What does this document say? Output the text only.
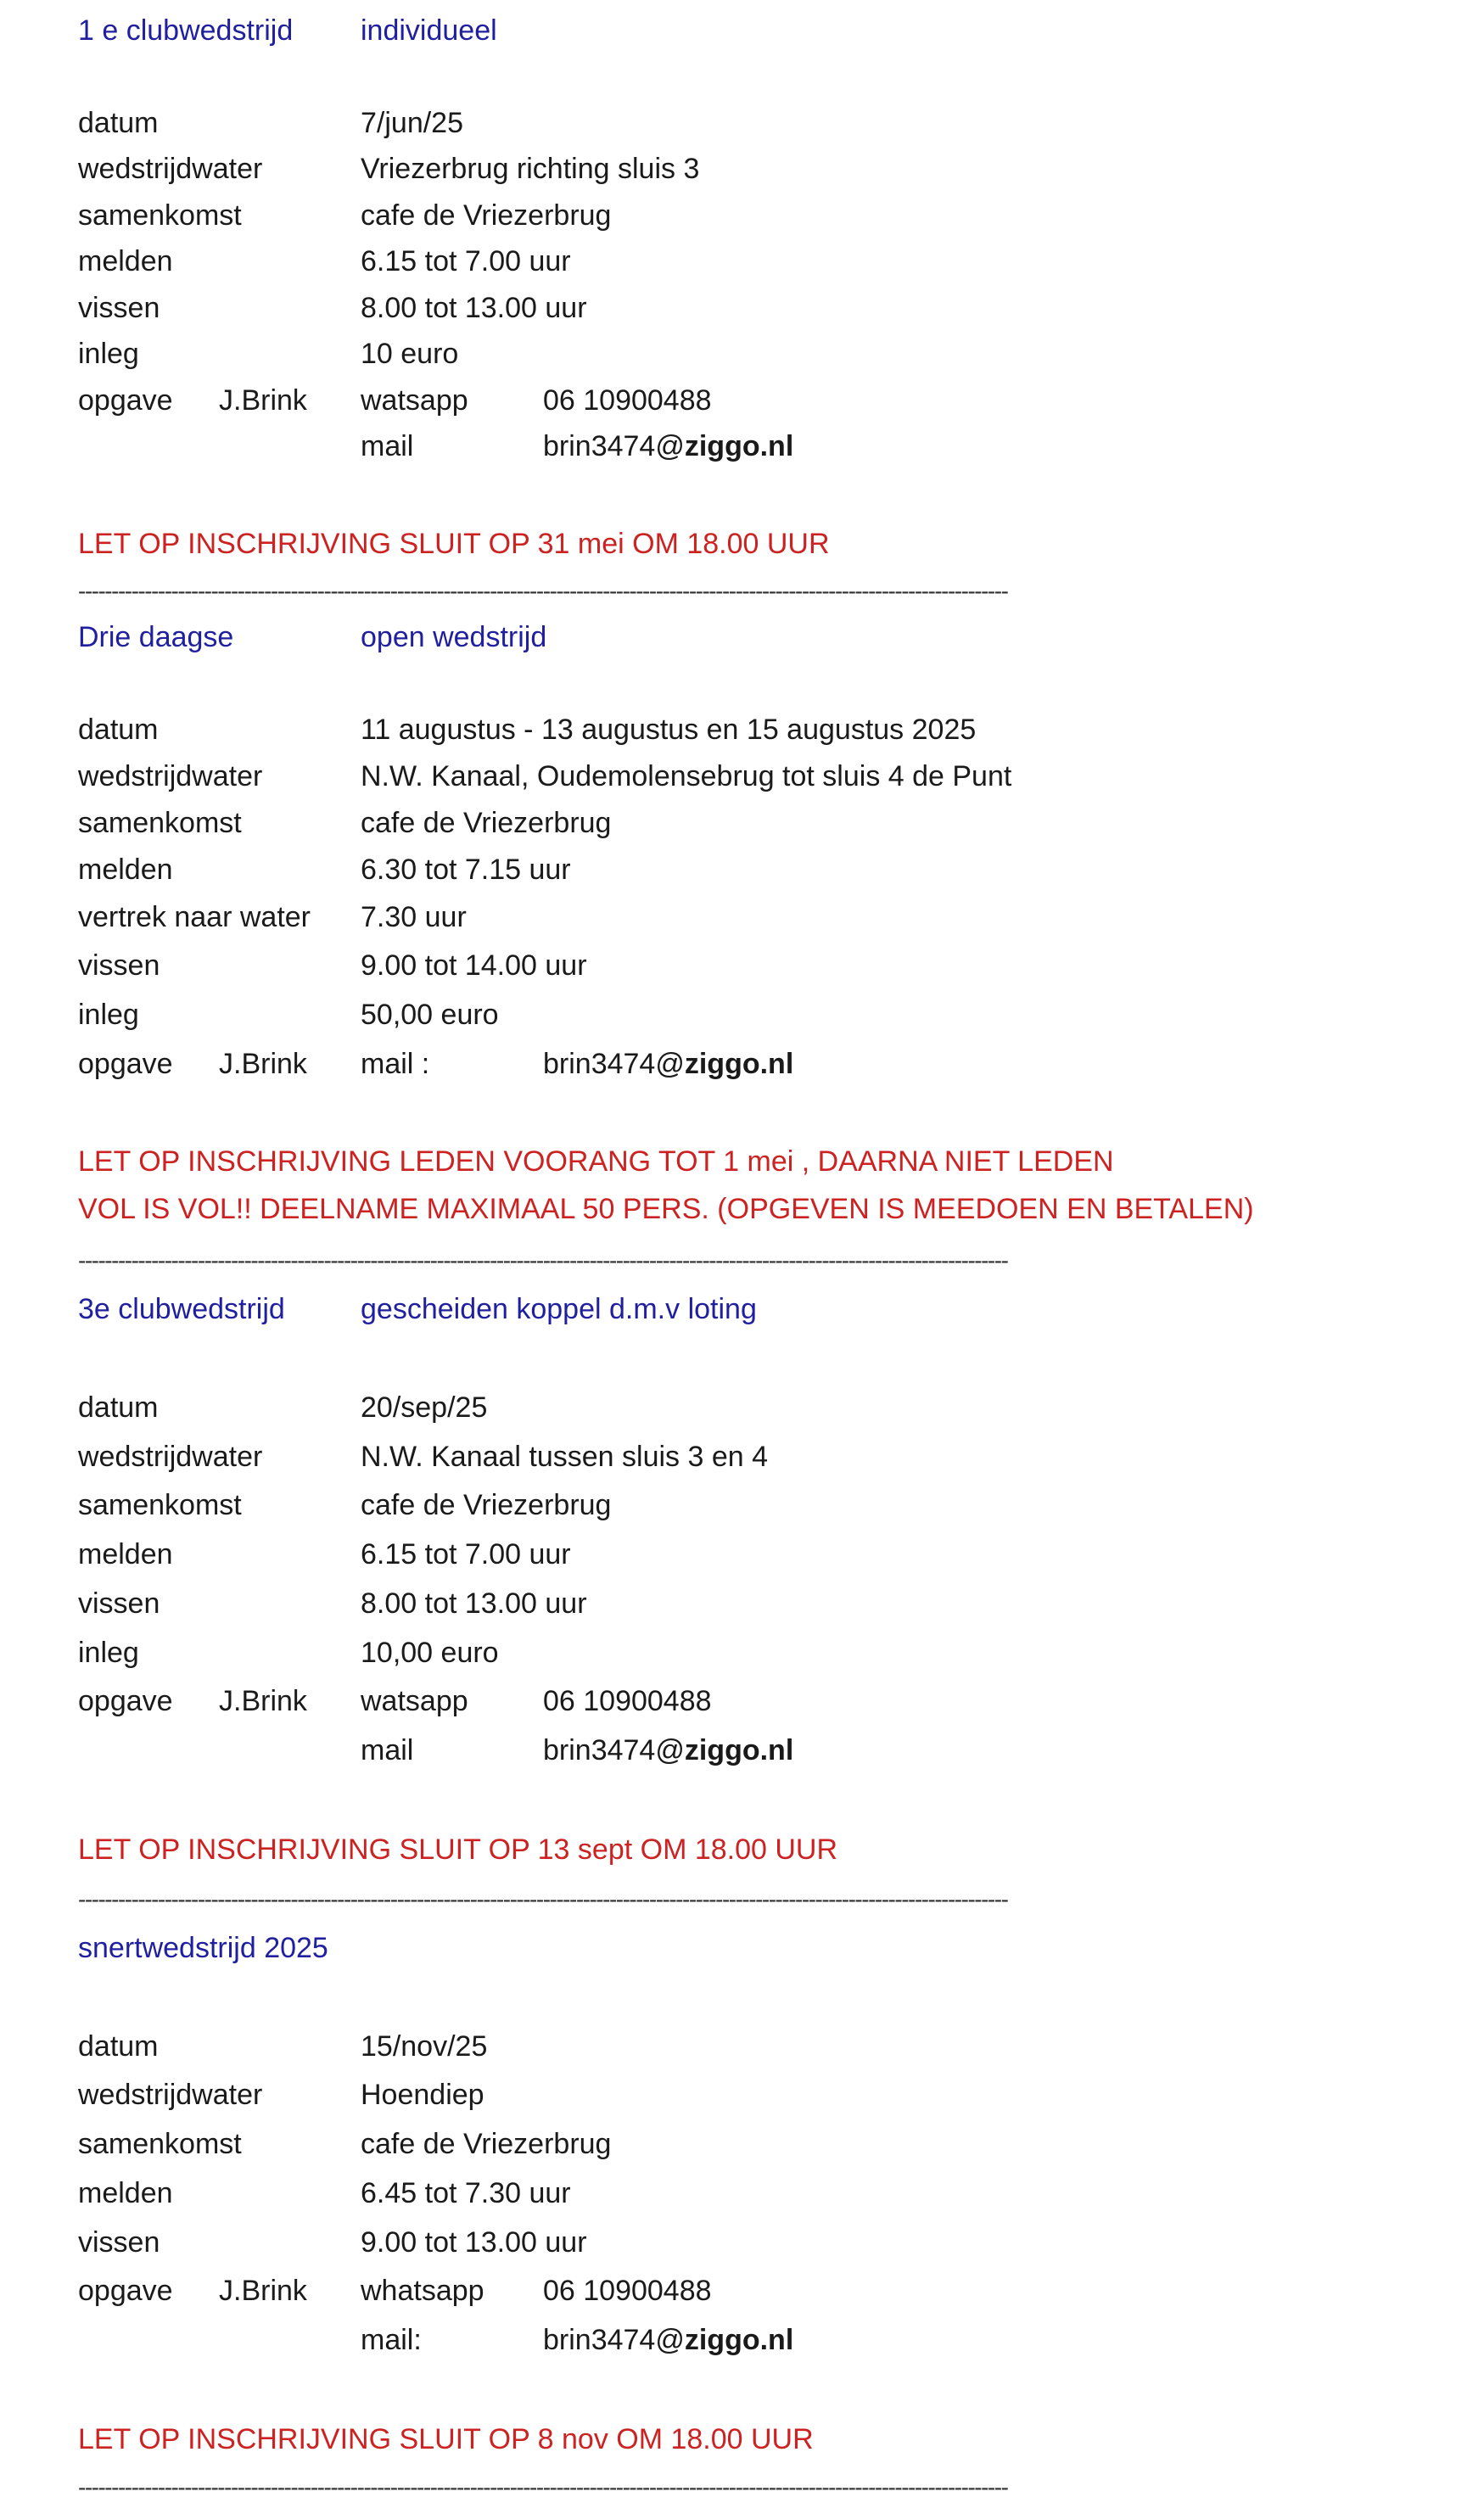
1 e clubwedstrijd individueel
datum	7/jun/25
wedstrijdwater	Vriezerbrug richting sluis 3
samenkomst	cafe de Vriezerbrug
melden	6.15 tot 7.00 uur
vissen	8.00 tot 13.00 uur
inleg	10 euro
opgave J.Brink watsapp	06 10900488
mail	brin3474@ziggo.nl
LET OP INSCHRIJVING SLUIT OP 31 mei OM 18.00 UUR
--------------------------------------------------------------------------------------------------------------------------------------------
Drie daagse	open wedstrijd
datum	11 augustus - 13 augustus en 15 augustus 2025
wedstrijdwater	N.W. Kanaal, Oudemolensebrug tot sluis 4 de Punt
samenkomst	cafe de Vriezerbrug
melden	6.30 tot 7.15 uur
vertrek naar water 7.30 uur
vissen	9.00 tot 14.00 uur
inleg	50,00 euro
opgave J.Brink mail :	brin3474@ziggo.nl
LET OP INSCHRIJVING LEDEN VOORANG TOT 1 mei , DAARNA NIET LEDEN
VOL IS VOL!! DEELNAME MAXIMAAL 50 PERS. (OPGEVEN IS MEEDOEN EN BETALEN)
--------------------------------------------------------------------------------------------------------------------------------------------
3e clubwedstrijd	gescheiden koppel d.m.v loting
datum	20/sep/25
wedstrijdwater	N.W. Kanaal tussen sluis 3 en 4
samenkomst	cafe de Vriezerbrug
melden	6.15 tot 7.00 uur
vissen	8.00 tot 13.00 uur
inleg	10,00 euro
opgave J.Brink watsapp	06 10900488
mail	brin3474@ziggo.nl
LET OP INSCHRIJVING SLUIT OP 13 sept OM 18.00 UUR
--------------------------------------------------------------------------------------------------------------------------------------------
snertwedstrijd 2025
datum	15/nov/25
wedstrijdwater	Hoendiep
samenkomst	cafe de Vriezerbrug
melden	6.45 tot 7.30 uur
vissen	9.00 tot 13.00 uur
opgave J.Brink whatsapp 06 10900488
mail:	brin3474@ziggo.nl
LET OP INSCHRIJVING SLUIT OP 8 nov OM 18.00 UUR
--------------------------------------------------------------------------------------------------------------------------------------------
